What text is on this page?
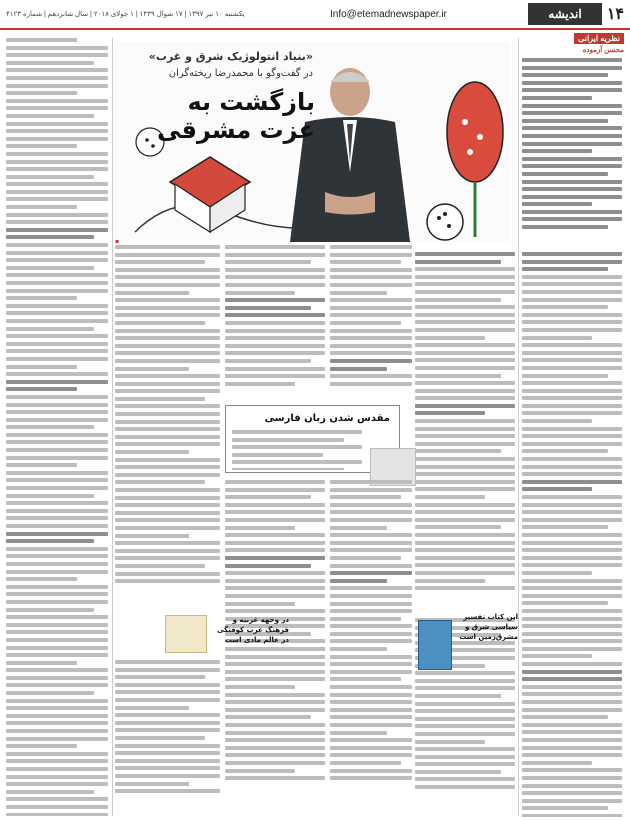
۱۴
اندیشه
Info@etemadnewspaper.ir
یکشنبه ۱۰ تیر ۱۳۹۷ | ۱۷ شوال ۱۴۳۹ | ۱ جولای ۲۰۱۸ | سال شانزدهم | شماره ۴۱۲۳
نظریه ایرانی
محسن آزموده
«بنیاد انتولوژیک شرق و غرب»
در گفت‌وگو با محمدرضا ریخته‌گران
بازگشت به عزت مشرقی
مقدس شدن زبان فارسی
در وجهه غربیه و فرهنگ غرب کوفتگی در عالم مادی است
این کتاب تفسیر سیاسی شرق و مشرق‌زمین است
▪
